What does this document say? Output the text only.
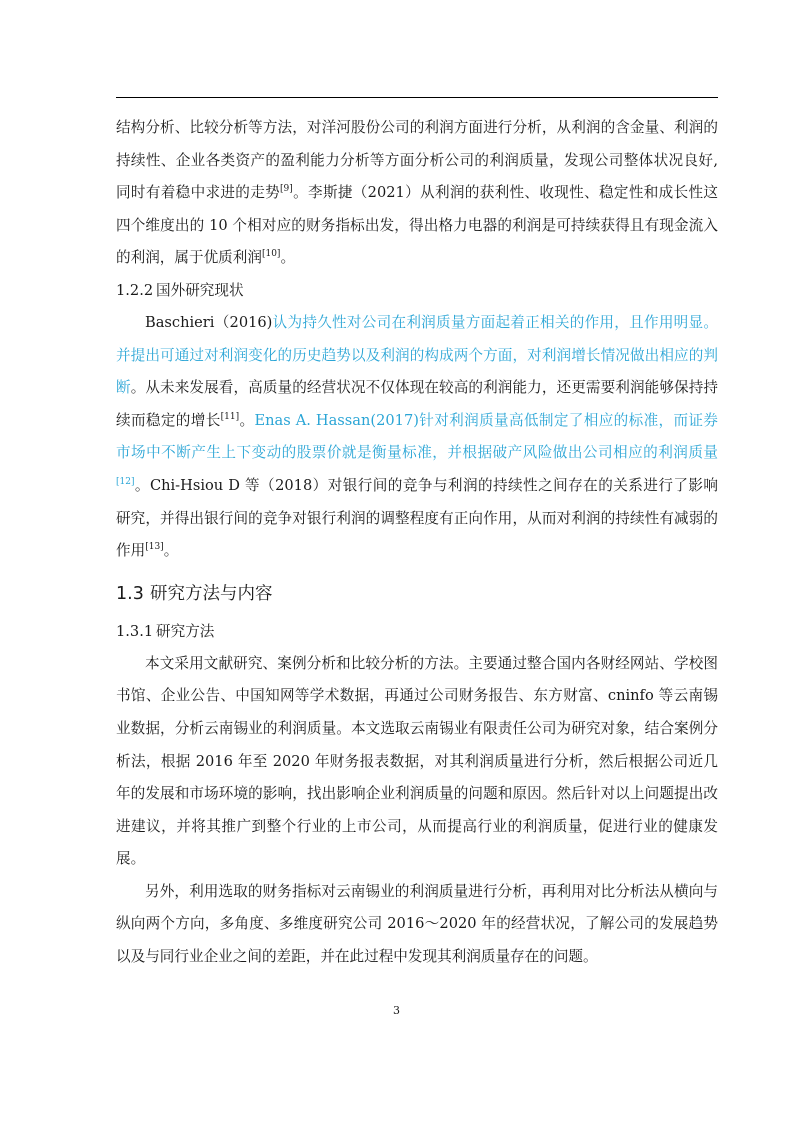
结构分析、比较分析等方法，对洋河股份公司的利润方面进行分析，从利润的含金量、利润的持续性、企业各类资产的盈利能力分析等方面分析公司的利润质量，发现公司整体状况良好, 同时有着稳中求进的走势[9]。李斯捷（2021）从利润的获利性、收现性、稳定性和成长性这四个维度出的 10 个相对应的财务指标出发，得出格力电器的利润是可持续获得且有现金流入的利润，属于优质利润[10]。

1.2.2 国外研究现状

Baschieri（2016)认为持久性对公司在利润质量方面起着正相关的作用，且作用明显。并提出可通过对利润变化的历史趋势以及利润的构成两个方面，对利润增长情况做出相应的判断。从未来发展看，高质量的经营状况不仅体现在较高的利润能力，还更需要利润能够保持持续而稳定的增长[11]。Enas A. Hassan(2017)针对利润质量高低制定了相应的标准，而证券市场中不断产生上下变动的股票价就是衡量标准，并根据破产风险做出公司相应的利润质量[12]。Chi-Hsiou D 等（2018）对银行间的竞争与利润的持续性之间存在的关系进行了影响研究，并得出银行间的竞争对银行利润的调整程度有正向作用，从而对利润的持续性有减弱的作用[13]。

1.3 研究方法与内容
1.3.1 研究方法

本文采用文献研究、案例分析和比较分析的方法。主要通过整合国内各财经网站、学校图书馆、企业公告、中国知网等学术数据，再通过公司财务报告、东方财富、cninfo 等云南锡业数据，分析云南锡业的利润质量。本文选取云南锡业有限责任公司为研究对象，结合案例分析法，根据 2016 年至 2020 年财务报表数据，对其利润质量进行分析，然后根据公司近几年的发展和市场环境的影响，找出影响企业利润质量的问题和原因。然后针对以上问题提出改进建议，并将其推广到整个行业的上市公司，从而提高行业的利润质量，促进行业的健康发展。

另外，利用选取的财务指标对云南锡业的利润质量进行分析，再利用对比分析法从横向与纵向两个方向，多角度、多维度研究公司 2016～2020 年的经营状况，了解公司的发展趋势以及与同行业企业之间的差距，并在此过程中发现其利润质量存在的问题。

3
